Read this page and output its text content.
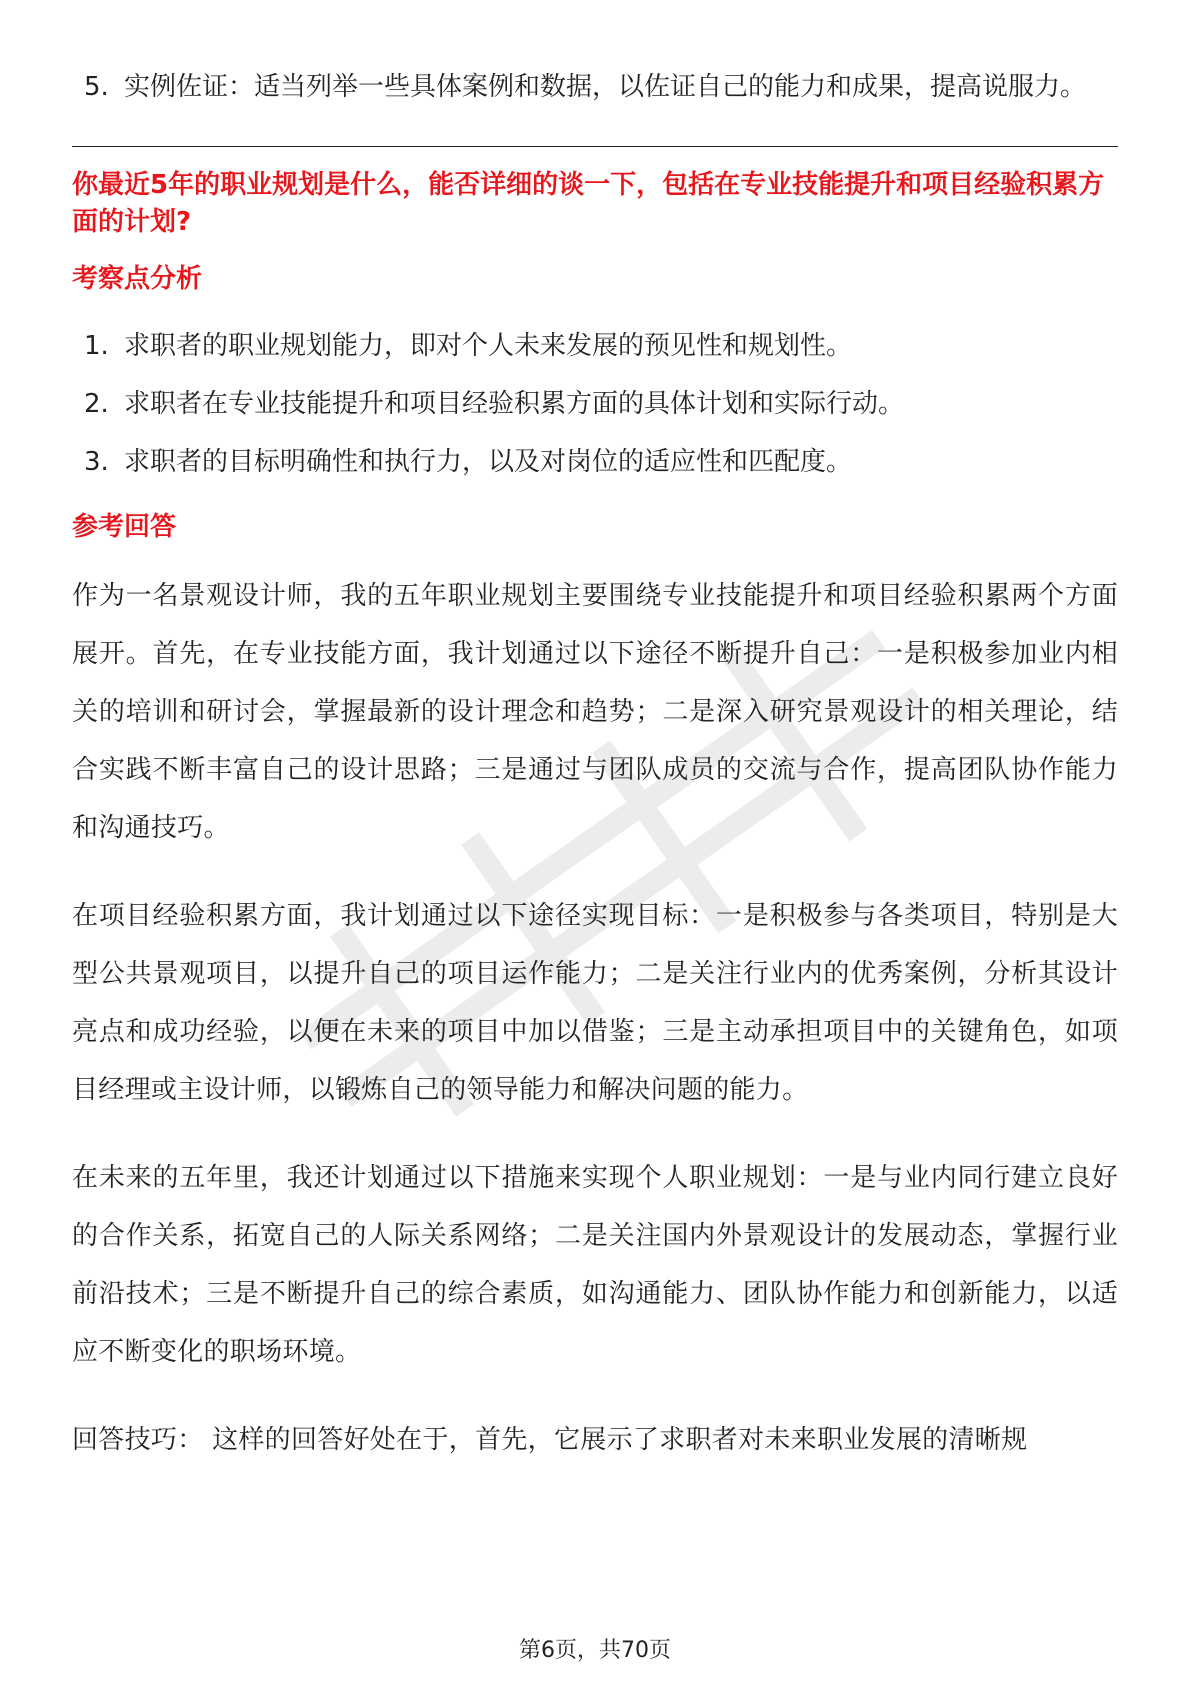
5. 实例佐证：适当列举一些具体案例和数据，以佐证自己的能力和成果，提高说服力。

你最近5年的职业规划是什么，能否详细的谈一下，包括在专业技能提升和项目经验积累方面的计划?

考察点分析
1. 求职者的职业规划能力，即对个人未来发展的预见性和规划性。
2. 求职者在专业技能提升和项目经验积累方面的具体计划和实际行动。
3. 求职者的目标明确性和执行力，以及对岗位的适应性和匹配度。
参考回答

作为一名景观设计师，我的五年职业规划主要围绕专业技能提升和项目经验积累两个方面展开。首先，在专业技能方面，我计划通过以下途径不断提升自己：一是积极参加业内相关的培训和研讨会，掌握最新的设计理念和趋势；二是深入研究景观设计的相关理论，结合实践不断丰富自己的设计思路；三是通过与团队成员的交流与合作，提高团队协作能力和沟通技巧。

在项目经验积累方面，我计划通过以下途径实现目标：一是积极参与各类项目，特别是大型公共景观项目，以提升自己的项目运作能力；二是关注行业内的优秀案例，分析其设计亮点和成功经验，以便在未来的项目中加以借鉴；三是主动承担项目中的关键角色，如项目经理或主设计师，以锻炼自己的领导能力和解决问题的能力。

在未来的五年里，我还计划通过以下措施来实现个人职业规划：一是与业内同行建立良好的合作关系，拓宽自己的人际关系网络；二是关注国内外景观设计的发展动态，掌握行业前沿技术；三是不断提升自己的综合素质，如沟通能力、团队协作能力和创新能力，以适应不断变化的职场环境。

回答技巧： 这样的回答好处在于，首先，它展示了求职者对未来职业发展的清晰规

第6页，共70页
